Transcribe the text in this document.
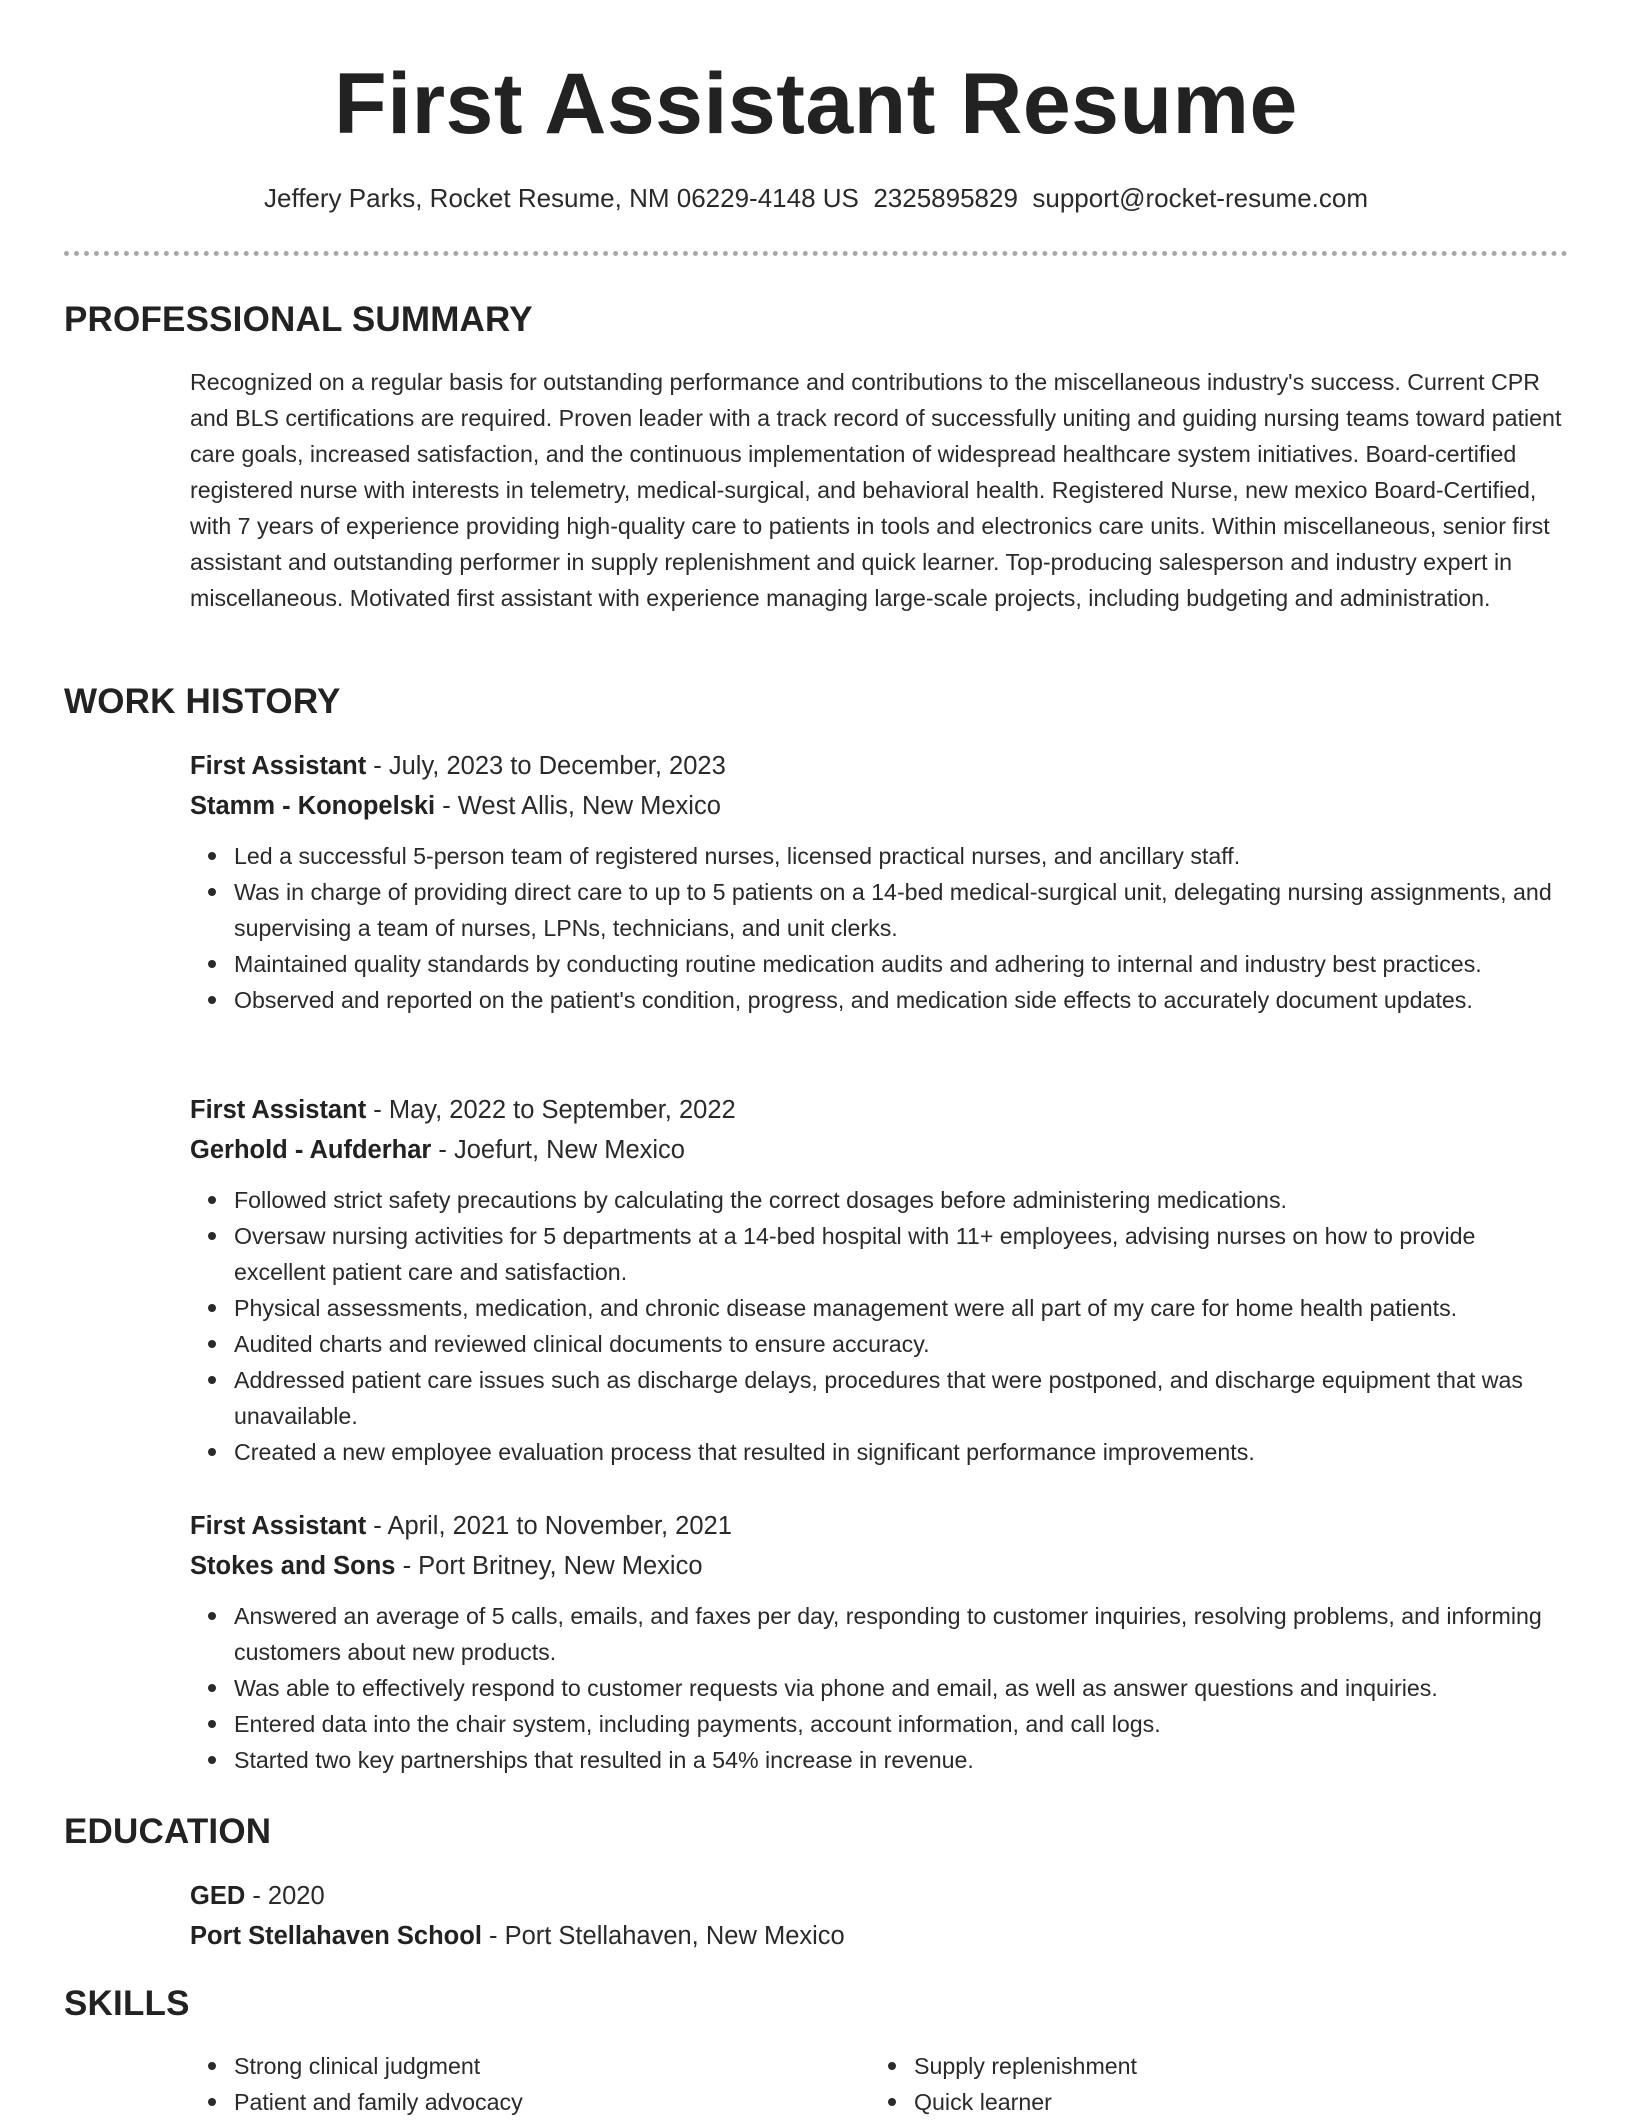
First Assistant Resume
Jeffery Parks, Rocket Resume, NM 06229-4148 US 2325895829 support@rocket-resume.com
PROFESSIONAL SUMMARY

Recognized on a regular basis for outstanding performance and contributions to the miscellaneous industry's success. Current CPR and BLS certifications are required. Proven leader with a track record of successfully uniting and guiding nursing teams toward patient care goals, increased satisfaction, and the continuous implementation of widespread healthcare system initiatives. Board-certified registered nurse with interests in telemetry, medical-surgical, and behavioral health. Registered Nurse, new mexico Board-Certified, with 7 years of experience providing high-quality care to patients in tools and electronics care units. Within miscellaneous, senior first assistant and outstanding performer in supply replenishment and quick learner. Top-producing salesperson and industry expert in miscellaneous. Motivated first assistant with experience managing large-scale projects, including budgeting and administration.

WORK HISTORY

First Assistant - July, 2023 to December, 2023

Stamm - Konopelski - West Allis, New Mexico

Led a successful 5-person team of registered nurses, licensed practical nurses, and ancillary staff.
Was in charge of providing direct care to up to 5 patients on a 14-bed medical-surgical unit, delegating nursing assignments, and supervising a team of nurses, LPNs, technicians, and unit clerks.
Maintained quality standards by conducting routine medication audits and adhering to internal and industry best practices.
Observed and reported on the patient's condition, progress, and medication side effects to accurately document updates.

First Assistant - May, 2022 to September, 2022

Gerhold - Aufderhar - Joefurt, New Mexico

Followed strict safety precautions by calculating the correct dosages before administering medications.
Oversaw nursing activities for 5 departments at a 14-bed hospital with 11+ employees, advising nurses on how to provide excellent patient care and satisfaction.
Physical assessments, medication, and chronic disease management were all part of my care for home health patients.
Audited charts and reviewed clinical documents to ensure accuracy.
Addressed patient care issues such as discharge delays, procedures that were postponed, and discharge equipment that was unavailable.
Created a new employee evaluation process that resulted in significant performance improvements.

First Assistant - April, 2021 to November, 2021

Stokes and Sons - Port Britney, New Mexico

Answered an average of 5 calls, emails, and faxes per day, responding to customer inquiries, resolving problems, and informing customers about new products.
Was able to effectively respond to customer requests via phone and email, as well as answer questions and inquiries.
Entered data into the chair system, including payments, account information, and call logs.
Started two key partnerships that resulted in a 54% increase in revenue.
EDUCATION

GED - 2020

Port Stellahaven School - Port Stellahaven, New Mexico

SKILLS
Strong clinical judgment
Patient and family advocacy
Supply replenishment
Quick learner
